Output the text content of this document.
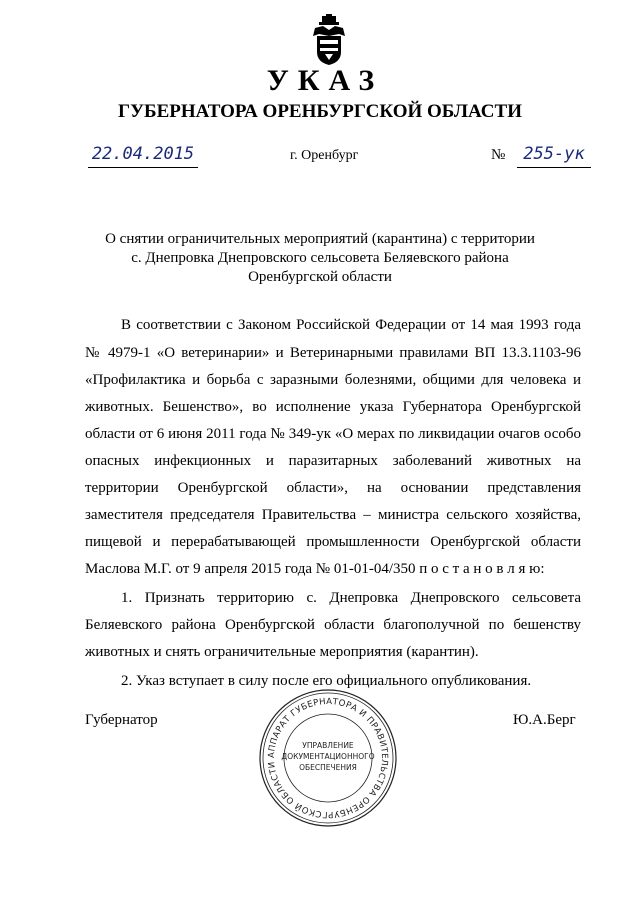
УКАЗ
ГУБЕРНАТОРА ОРЕНБУРГСКОЙ ОБЛАСТИ
22.04.2015	г. Оренбург	№	255-ук
О снятии ограничительных мероприятий (карантина) с территории
с. Днепровка Днепровского сельсовета Беляевского района
Оренбургской области
В соответствии с Законом Российской Федерации от 14 мая 1993 года
№ 4979-1 «О ветеринарии» и Ветеринарными правилами ВП 13.3.1103-96
«Профилактика и борьба с заразными болезнями, общими для человека и
животных. Бешенство», во исполнение указа Губернатора Оренбургской
области от 6 июня 2011 года № 349-ук «О мерах по ликвидации очагов особо
опасных инфекционных и паразитарных заболеваний животных на
территории Оренбургской области», на основании представления
заместителя председателя Правительства – министра сельского хозяйства,
пищевой и перерабатывающей промышленности Оренбургской области
Маслова М.Г. от 9 апреля 2015 года № 01-01-04/350 п о с т а н о в л я ю:
1. Признать территорию с. Днепровка Днепровского сельсовета
Беляевского района Оренбургской области благополучной по бешенству
животных и снять ограничительные мероприятия (карантин).
2. Указ вступает в силу после его официального опубликования.
Губернатор	Ю.А.Берг
АППАРАТ ГУБЕРНАТОРА И ПРАВИТЕЛЬСТВА ОРЕНБУРГСКОЙ ОБЛАСТИ
УПРАВЛЕНИЕ
ДОКУМЕНТАЦИОННОГО
ОБЕСПЕЧЕНИЯ
